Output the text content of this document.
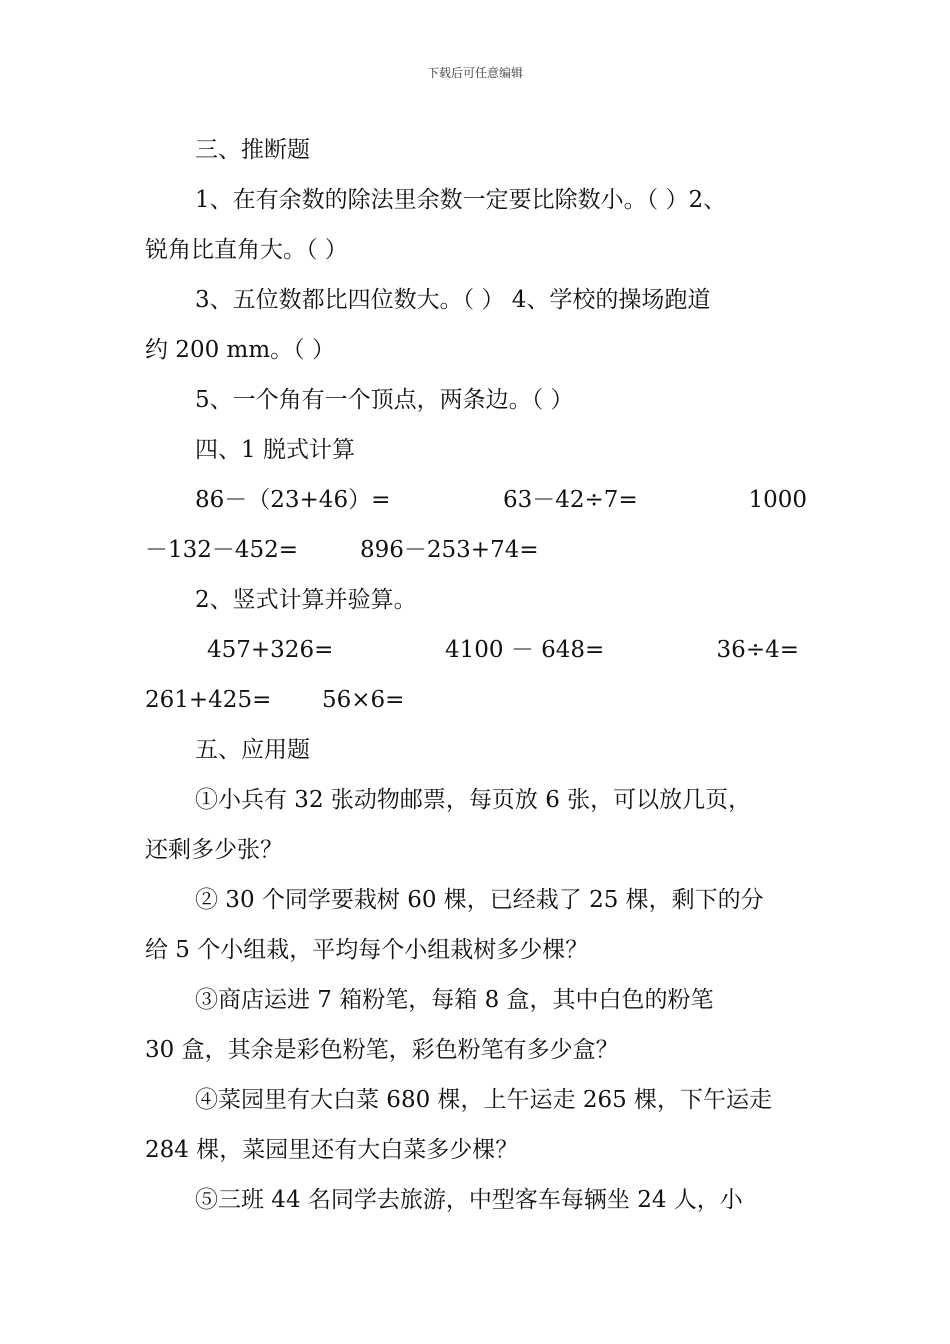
下载后可任意编辑
三、推断题
1、在有余数的除法里余数一定要比除数小。（ ）2、
锐角比直角大。（ ）
3、五位数都比四位数大。（ ） 4、学校的操场跑道
约 200 mm。（ ）
5、一个角有一个顶点，两条边。（ ）
四、1 脱式计算
86－（23+46）=	63－42÷7=	1000
－132－452=	896－253+74=
2、竖式计算并验算。
457+326=	4100 － 648=	36÷4=
261+425= 56×6=
五、应用题
①小兵有 32 张动物邮票，每页放 6 张，可以放几页，
还剩多少张？
② 30 个同学要栽树 60 棵，已经栽了 25 棵，剩下的分
给 5 个小组栽，平均每个小组栽树多少棵？
③商店运进 7 箱粉笔，每箱 8 盒，其中白色的粉笔
30 盒，其余是彩色粉笔，彩色粉笔有多少盒？
④菜园里有大白菜 680 棵，上午运走 265 棵，下午运走
284 棵，菜园里还有大白菜多少棵？
⑤三班 44 名同学去旅游，中型客车每辆坐 24 人，小
